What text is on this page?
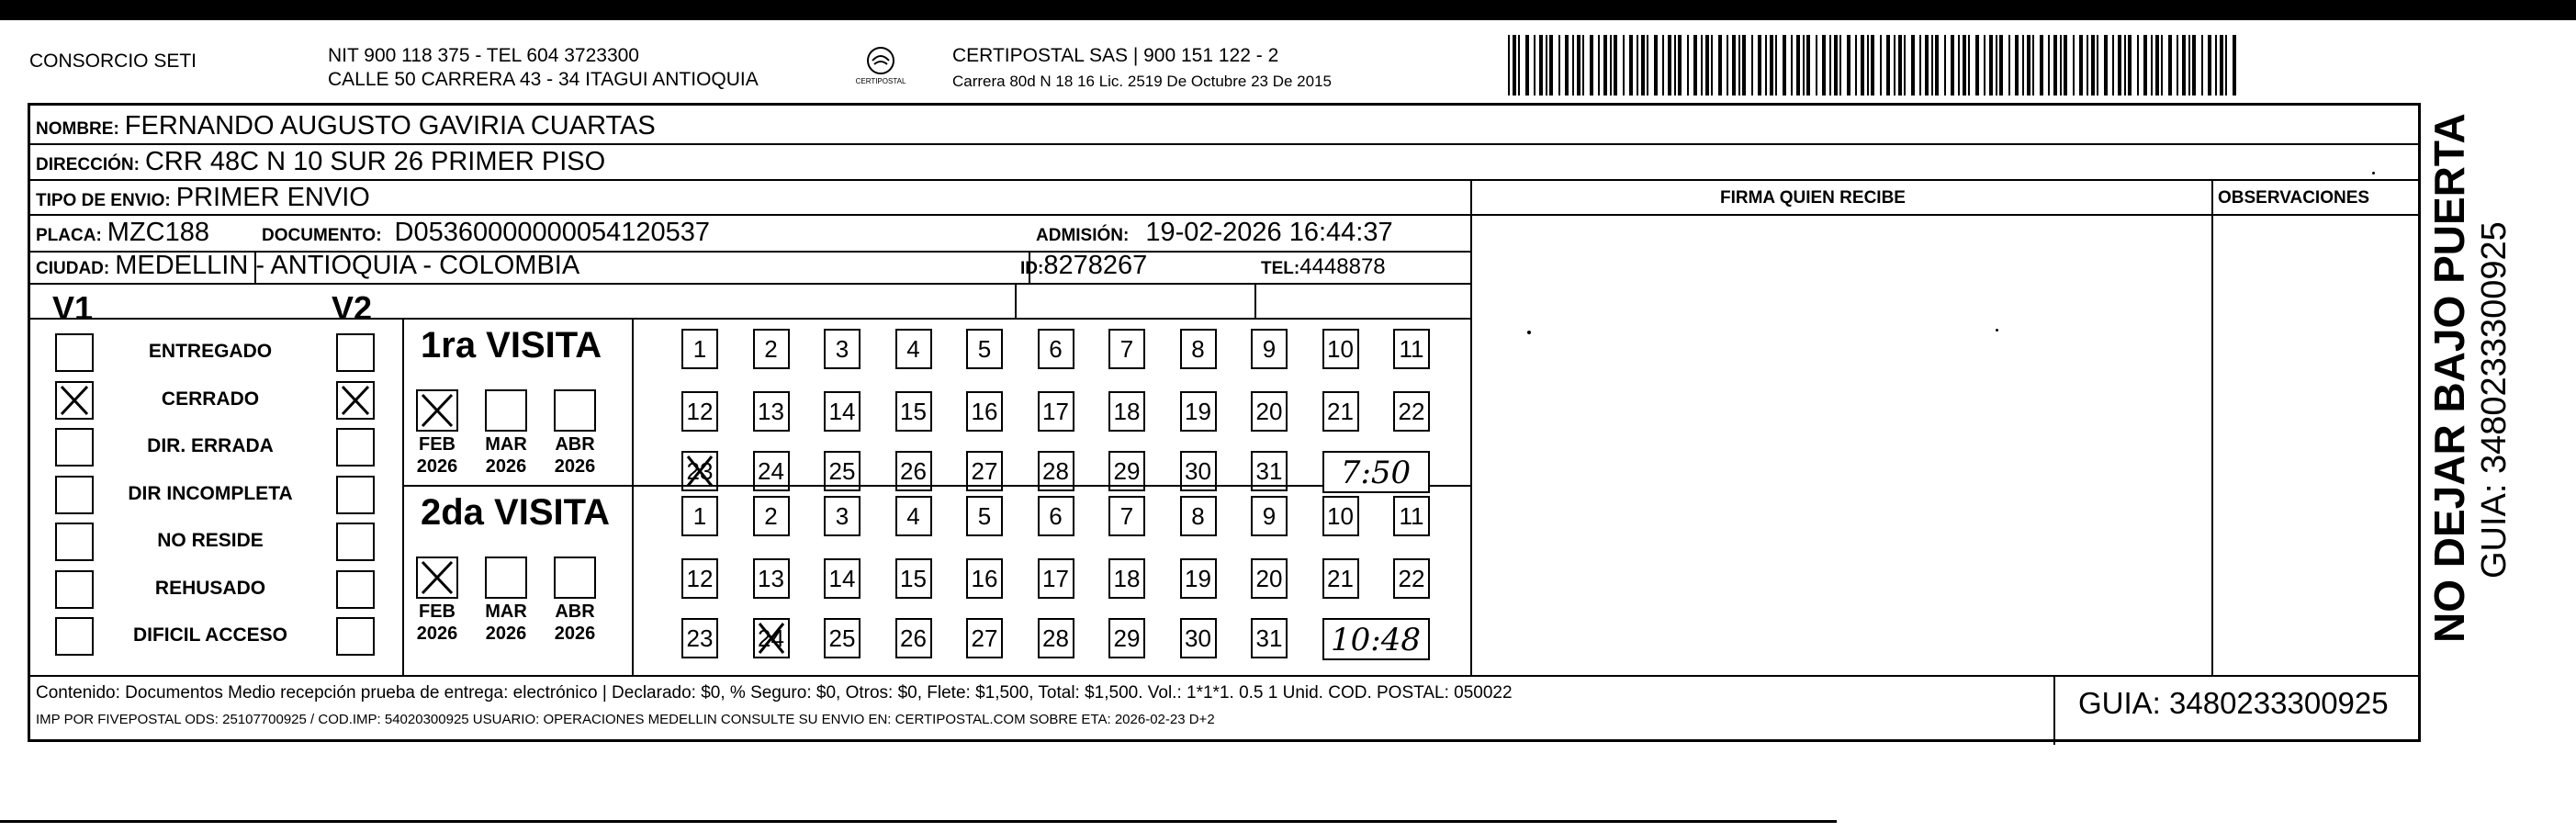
CONSORCIO SETI	NIT 900 118 375 - TEL 604 3723300
CALLE 50 CARRERA 43 - 34 ITAGUI ANTIOQUIA	CERTIPOSTAL
CERTIPOSTAL SAS | 900 151 122 - 2
Carrera 80d N 18 16 Lic. 2519 De Octubre 23 De 2015
NOMBRE: FERNANDO AUGUSTO GAVIRIA CUARTAS
DIRECCIÓN: CRR 48C N 10 SUR 26 PRIMER PISO
TIPO DE ENVIO: PRIMER ENVIO	FIRMA QUIEN RECIBE	OBSERVACIONES
PLACA: MZC188	DOCUMENTO: D05360000000054120537	ADMISIÓN: 19-02-2026 16:44:37
CIUDAD: MEDELLIN - ANTIOQUIA - COLOMBIA	ID: 8278267	TEL: 4448878
V1	V2
ENTREGADO
CERRADO
DIR. ERRADA
DIR INCOMPLETA
NO RESIDE
REHUSADO
DIFICIL ACCESO
1ra VISITA
FEB
2026
MAR
2026
ABR
2026
1	2	3	4	5	6	7	8	9	10 11
12 13 14 15 16 17 18 19 20 21 22
23 24 25 26 27 28 29 30 31	7:50
2da VISITA
FEB
2026
MAR
2026
ABR
2026
1	2	3	4	5	6	7	8	9	10 11
12 13 14 15 16 17 18 19 20 21 22
23 24 25 26 27 28 29 30 31 10:48
Contenido: Documentos Medio recepción prueba de entrega: electrónico | Declarado: $0, % Seguro: $0, Otros: $0, Flete: $1,500, Total: $1,500. Vol.: 1*1*1. 0.5 1 Unid. COD. POSTAL: 050022
IMP POR FIVEPOSTAL ODS: 25107700925 / COD.IMP: 54020300925 USUARIO: OPERACIONES MEDELLIN CONSULTE SU ENVIO EN: CERTIPOSTAL.COM SOBRE ETA: 2026-02-23 D+2	GUIA: 3480233300925
NO DEJAR BAJO PUERTA GUIA: 3480233300925
